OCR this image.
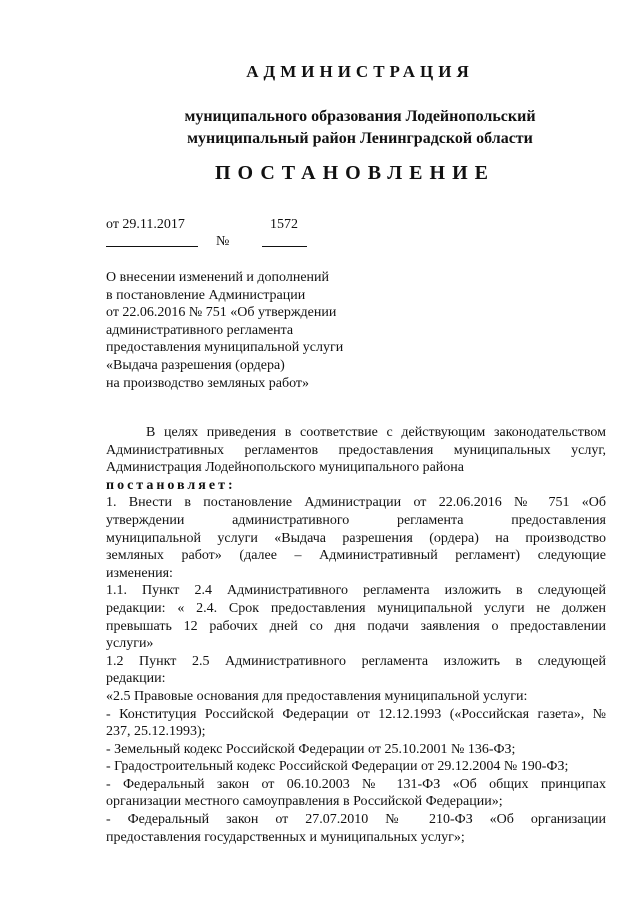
АДМИНИСТРАЦИЯ
муниципального образования Лодейнопольский
муниципальный район Ленинградской области
ПОСТАНОВЛЕНИЕ
от 29.11.2017
№
1572
О внесении изменений и дополнений
в постановление Администрации
от 22.06.2016 № 751 «Об утверждении
административного регламента
предоставления муниципальной услуги
«Выдача разрешения (ордера)
на производство земляных работ»

В целях приведения в соответствие с действующим законодательством

Административных регламентов предоставления муниципальных услуг,

Администрация Лодейнопольского муниципального района

постановляет:

1. Внести в постановление Администрации от 22.06.2016 № 751 «Об

утверждении административного регламента предоставления

муниципальной услуги «Выдача разрешения (ордера) на производство

земляных работ» (далее – Административный регламент) следующие

изменения:

1.1. Пункт 2.4 Административного регламента изложить в следующей

редакции: « 2.4. Срок предоставления муниципальной услуги не должен

превышать 12 рабочих дней со дня подачи заявления о предоставлении

услуги»

1.2 Пункт 2.5 Административного регламента изложить в следующей

редакции:

«2.5 Правовые основания для предоставления муниципальной услуги:

- Конституция Российской Федерации от 12.12.1993 («Российская газета», №

237, 25.12.1993);

- Земельный кодекс Российской Федерации от 25.10.2001 № 136-ФЗ;

- Градостроительный кодекс Российской Федерации от 29.12.2004 № 190-ФЗ;

- Федеральный закон от 06.10.2003 № 131-ФЗ «Об общих принципах

организации местного самоуправления в Российской Федерации»;

- Федеральный закон от 27.07.2010 № 210-ФЗ «Об организации

предоставления государственных и муниципальных услуг»;
